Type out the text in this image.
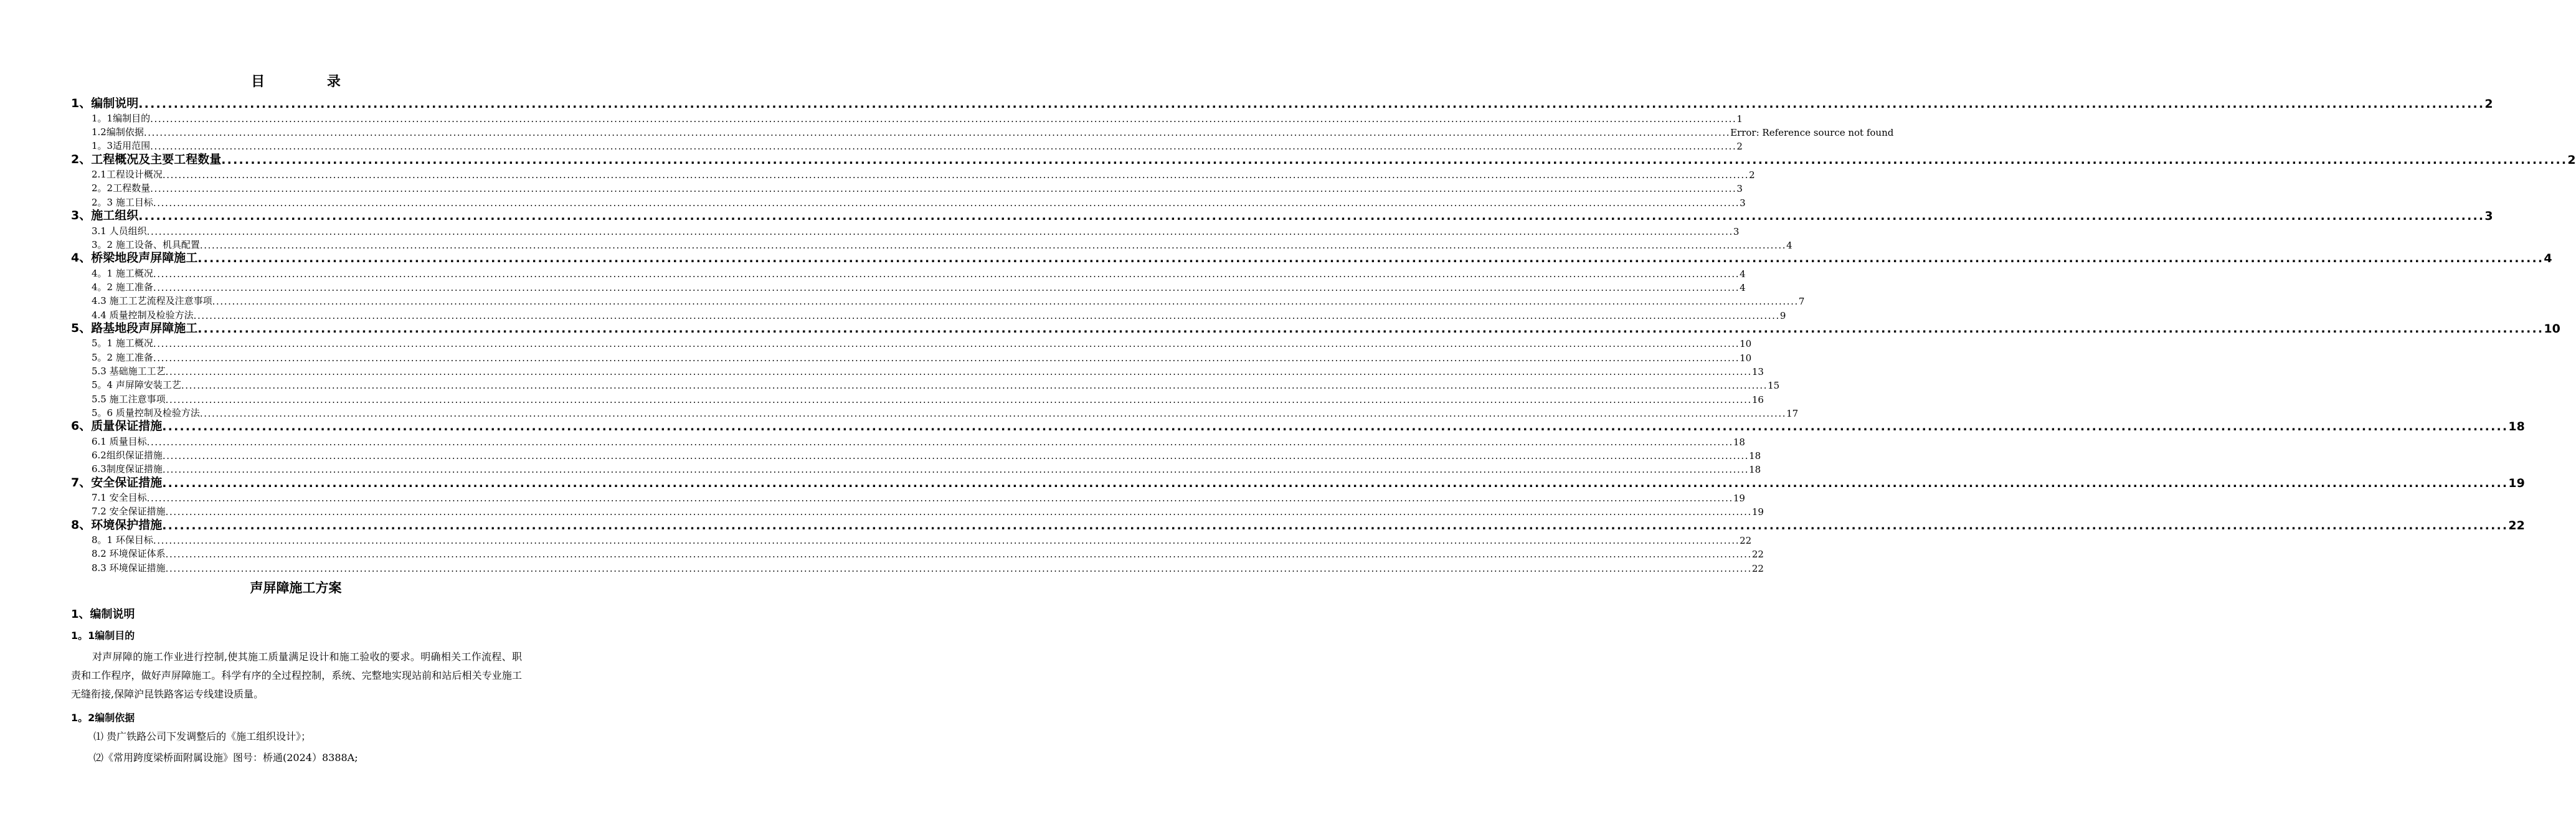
目 录
1、编制说明 ................................................................................................................................................................................................................................................................................................................................................................................................................ 2
1。1编制目的 ................................................................................................................................................................................................................................................................................................................................................................................................................ 1
1.2编制依据 ................................................................................................................................................................................................................................................................................................................................................................................................................ Error: Reference source not found
1。3适用范围 ................................................................................................................................................................................................................................................................................................................................................................................................................ 2
2、工程概况及主要工程数量 ................................................................................................................................................................................................................................................................................................................................................................................................................ 2
2.1工程设计概况 ................................................................................................................................................................................................................................................................................................................................................................................................................ 2
2。2工程数量 ................................................................................................................................................................................................................................................................................................................................................................................................................ 3
2。3 施工目标 ................................................................................................................................................................................................................................................................................................................................................................................................................ 3
3、施工组织 ................................................................................................................................................................................................................................................................................................................................................................................................................ 3
3.1 人员组织 ................................................................................................................................................................................................................................................................................................................................................................................................................ 3
3。2 施工设备、机具配置 ................................................................................................................................................................................................................................................................................................................................................................................................................ 4
4、桥梁地段声屏障施工 ................................................................................................................................................................................................................................................................................................................................................................................................................ 4
4。1 施工概况 ................................................................................................................................................................................................................................................................................................................................................................................................................ 4
4。2 施工准备 ................................................................................................................................................................................................................................................................................................................................................................................................................ 4
4.3 施工工艺流程及注意事项 ................................................................................................................................................................................................................................................................................................................................................................................................................ 7
4.4 质量控制及检验方法 ................................................................................................................................................................................................................................................................................................................................................................................................................ 9
5、路基地段声屏障施工 ................................................................................................................................................................................................................................................................................................................................................................................................................ 10
5。1 施工概况 ................................................................................................................................................................................................................................................................................................................................................................................................................ 10
5。2 施工准备 ................................................................................................................................................................................................................................................................................................................................................................................................................ 10
5.3 基础施工工艺 ................................................................................................................................................................................................................................................................................................................................................................................................................ 13
5。4 声屏障安装工艺 ................................................................................................................................................................................................................................................................................................................................................................................................................ 15
5.5 施工注意事项 ................................................................................................................................................................................................................................................................................................................................................................................................................ 16
5。6 质量控制及检验方法 ................................................................................................................................................................................................................................................................................................................................................................................................................ 17
6、质量保证措施 ................................................................................................................................................................................................................................................................................................................................................................................................................ 18
6.1 质量目标 ................................................................................................................................................................................................................................................................................................................................................................................................................ 18
6.2组织保证措施 ................................................................................................................................................................................................................................................................................................................................................................................................................ 18
6.3制度保证措施 ................................................................................................................................................................................................................................................................................................................................................................................................................ 18
7、安全保证措施 ................................................................................................................................................................................................................................................................................................................................................................................................................ 19
7.1 安全目标 ................................................................................................................................................................................................................................................................................................................................................................................................................ 19
7.2 安全保证措施 ................................................................................................................................................................................................................................................................................................................................................................................................................ 19
8、环境保护措施 ................................................................................................................................................................................................................................................................................................................................................................................................................ 22
8。1 环保目标 ................................................................................................................................................................................................................................................................................................................................................................................................................ 22
8.2 环境保证体系 ................................................................................................................................................................................................................................................................................................................................................................................................................ 22
8.3 环境保证措施 ................................................................................................................................................................................................................................................................................................................................................................................................................ 22
声屏障施工方案
1、编制说明
1。1编制目的
对声屏障的施工作业进行控制,使其施工质量满足设计和施工验收的要求。明确相关工作流程、职责和工作程序，做好声屏障施工。科学有序的全过程控制，系统、完整地实现站前和站后相关专业施工无缝衔接,保障沪昆铁路客运专线建设质量。
1。2编制依据
⑴ 贵广铁路公司下发调整后的《施工组织设计》；
⑵《常用跨度梁桥面附属设施》图号：桥通(2024）8388A;
